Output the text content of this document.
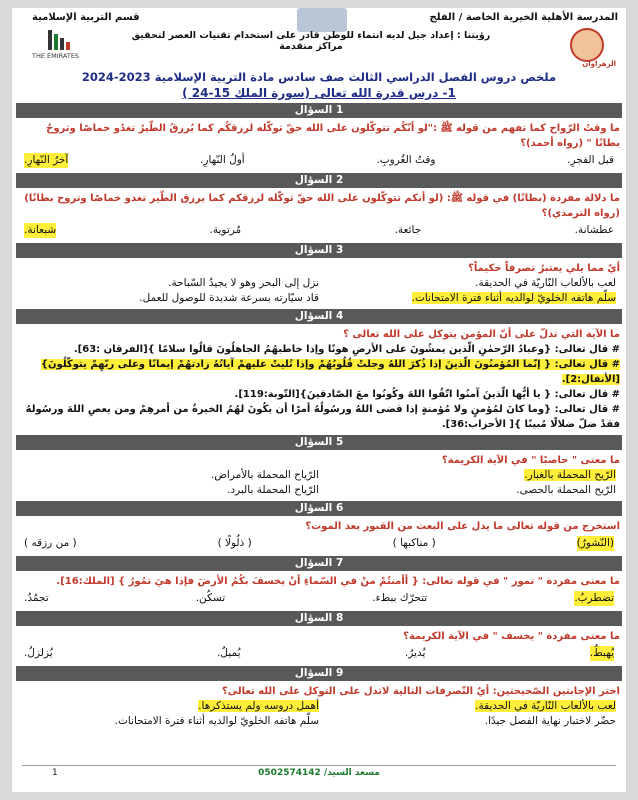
المدرسة الأهلية الخيرية الخاصة / الفلج
قسم التربية الإسلامية
الزهراوان
THE EMIRATES
رؤيتنا : إعداد جيل لديه انتماء للوطن قادر على استخدام تقنيات العصر لتحقيق مراكز متقدمة
ملخص دروس الفصل الدراسي الثالث صف سادس مادة التربية الإسلامية 2023-2024
1- درس قدرة الله تعالى (سورة الملك 15-24 )
1 السؤال
ما وقتُ الرّواح كما تفهم من قوله ﷺ :"لو أنّكُم تتوكّلون على الله حقّ توكّله لرزقكُم كما يُرزقُ الطّيرُ تغدُو خماصًا وتروحُ بطانًا " (رواه أحمد)؟
قبل الفجرِ.
وقتُ الغُروبِ.
أولُ النّهارِ.
آخرُ النّهارِ.
2 السؤال
ما دلالة مفردة (بطانًا) في قوله ﷺ: (لو أنكم تتوكّلون على الله حقّ توكّله لرزقكم كما يرزق الطّير تغدو خماصًا وتروح بطانًا) (رواه الترمذي)؟
عطشانة.
جائعة.
مُرتوية.
شبعانة.
3 السؤال
أيٌ مما يلي يعتبرُ تصرفاً حكيماً؟
لعب بالألعاب النّاريّة في الحديقة.
نزل إلى البحر وهو لا يجيدُ السّباحة.
سلّم هاتفه الخلويّ لوالديه أثناء فترة الامتحانات.
قاد سيّارته بسرعة شديدة للوصول للعمل.
4 السؤال
ما الآية التي تدلّ على أنّ المؤمن يتوكل على الله تعالى ؟
# قال تعالى: {وعبادُ الرّحمٰنِ الّذين يمشُونَ على الأرضِ هونًا وإذا خاطبهُمُ الجاهلُونَ قالُوا سلامًا }[الفرقان :63].
# قال تعالى: { إنّما المُؤمنُونَ الّذينَ إذا ذُكرَ اللهُ وجلتْ قُلُوبُهُمْ وإذا تُليتْ عليهمْ آياتُهُ زادتهُمْ إيمانًا وعلى ربّهِمْ يتوكّلُونَ} [الأنفال:2].
# قال تعالى: { يا أيُّها الّذينَ آمنُوا اتّقُوا اللهَ وكُونُوا معَ الصّادقينَ}[التّوبة:119].
# قال تعالى: {وما كانَ لمُؤمنٍ ولا مُؤمنةٍ إذا قضى اللهُ ورسُولُهُ أمرًا أن يكُونَ لهُمُ الخيرةُ من أمرهِمْ ومن يعصِ اللهَ ورسُولهُ فقدْ ضلّ ضلالًا مُبينًا }[ الأحزاب:36].
5 السؤال
ما معنى " حاصبًا " في الآية الكريمة؟
الرّيح المحملة بالغبار.
الرّياح المحملة بالأمراض.
الرّيح المحملة بالحصى.
الرّياح المحملة بالبرد.
6 السؤال
استخرج من قوله تعالى ما يدل على البعث من القبور بعد الموت؟
(النّشورُ)
( مناكبها )
( ذلُولًا )
( من رزقه )
7 السؤال
ما معنى مفردة " تمور " في قوله تعالى: { أأمنتُمْ منْ في السّماءِ أنْ يخسفَ بكُمُ الأرضَ فإذا هيَ تمُورُ } [الملك:16].
تضطربُ.
تتحرّك ببطء.
تسكُن.
تجمُدُ.
8 السؤال
ما معنى مفردة " يخسف " في الآية الكريمة؟
يُهبطُ.
يُديرُ.
يُميلُ.
يُزلزلُ.
9 السؤال
اختر الإجابتين الصّحيحتين: أيٌ التّصرفات التالية لاتدل على التوكل على الله تعالى؟
لعب بالألعاب النّاريّة في الحديقة.
أهمل دروسه ولم يستذكرها.
حضّر لاختبار نهاية الفصل جيدًا.
سلّم هاتفه الخلويّ لوالديه أثناء فترة الامتحانات.
مسعد السيد/ 0502574142
1
